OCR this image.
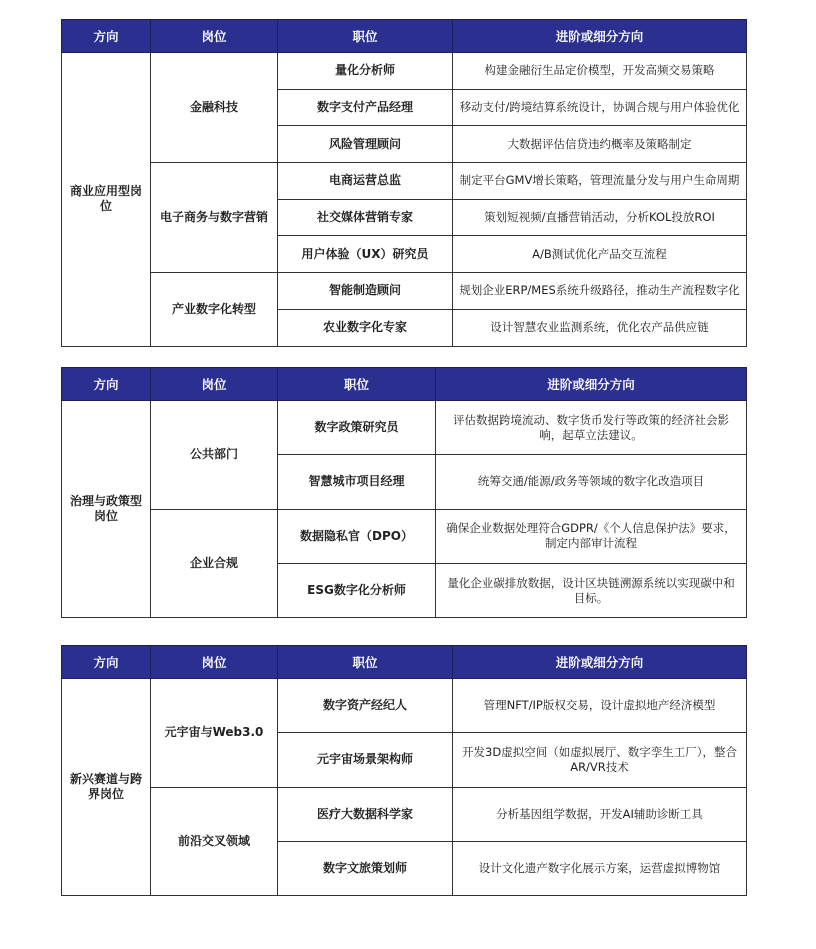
方向	岗位	职位	进阶或细分方向
商业应用型岗位	金融科技	量化分析师	构建金融衍生品定价模型，开发高频交易策略
		数字支付产品经理	移动支付/跨境结算系统设计，协调合规与用户体验优化
		风险管理顾问	大数据评估信贷违约概率及策略制定
	电子商务与数字营销	电商运营总监	制定平台GMV增长策略，管理流量分发与用户生命周期
		社交媒体营销专家	策划短视频/直播营销活动，分析KOL投放ROI
		用户体验（UX）研究员	A/B测试优化产品交互流程
	产业数字化转型	智能制造顾问	规划企业ERP/MES系统升级路径，推动生产流程数字化
		农业数字化专家	设计智慧农业监测系统，优化农产品供应链
方向	岗位	职位	进阶或细分方向
治理与政策型岗位	公共部门	数字政策研究员	评估数据跨境流动、数字货币发行等政策的经济社会影响，起草立法建议。
		智慧城市项目经理	统筹交通/能源/政务等领域的数字化改造项目
	企业合规	数据隐私官（DPO）	确保企业数据处理符合GDPR/《个人信息保护法》要求，制定内部审计流程
		ESG数字化分析师	量化企业碳排放数据，设计区块链溯源系统以实现碳中和目标。
方向	岗位	职位	进阶或细分方向
新兴赛道与跨界岗位	元宇宙与Web3.0	数字资产经纪人	管理NFT/IP版权交易，设计虚拟地产经济模型
		元宇宙场景架构师	开发3D虚拟空间（如虚拟展厅、数字孪生工厂），整合AR/VR技术
	前沿交叉领域	医疗大数据科学家	分析基因组学数据，开发AI辅助诊断工具
		数字文旅策划师	设计文化遗产数字化展示方案，运营虚拟博物馆
